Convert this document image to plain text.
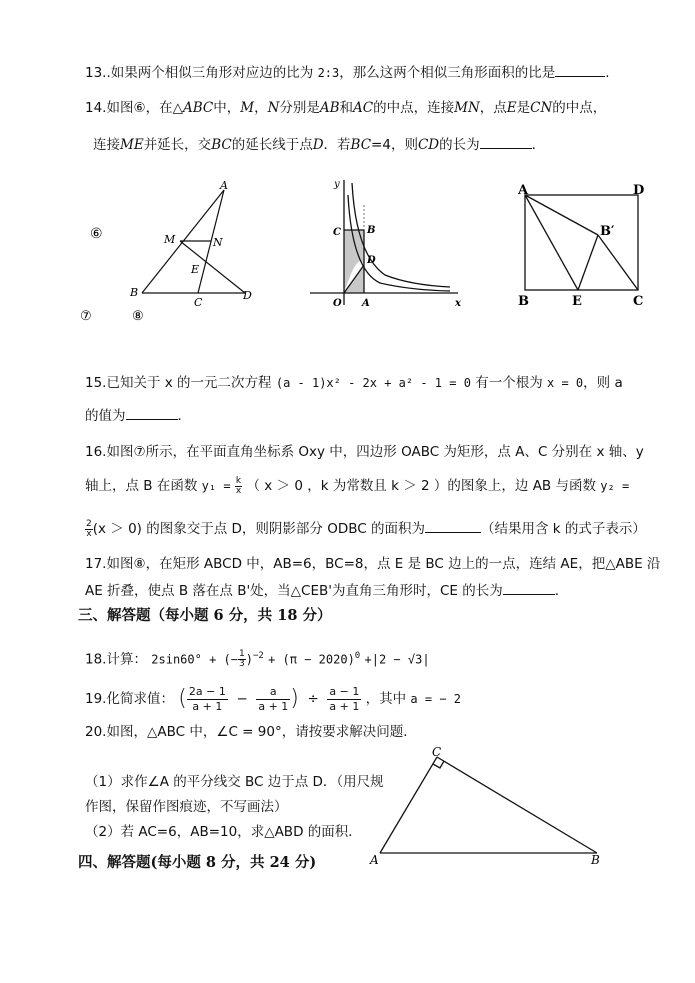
13..如果两个相似三角形对应边的比为 2:3，那么这两个相似三角形面积的比是	.
14.如图⑥，在△ABC中，M，N分别是AB和AC的中点，连接MN，点E是CN的中点，
连接ME并延长，交BC的延长线于点D．若BC=4，则CD的长为	．
⑥
A
B
C
D
M	N
E
⑦	⑧
y
x
C	B
D
O A
A	D
B	E	C
B′
15.已知关于 x 的一元二次方程 (a - 1)x² - 2x + a² - 1 = 0 有一个根为 x = 0，则 a
的值为	．
16.如图⑦所示，在平面直角坐标系 Oxy 中，四边形 OABC 为矩形，点 A、C 分别在 x 轴、y
轴上，点 B 在函数 $y_1 = \frac{k}{x}$ （ x ＞ 0 ，k 为常数且 k ＞ 2 ）的图象上，边 AB 与函数 y₂ =
$\frac{2}{x} (x > 0)$ 的图象交于点 D，则阴影部分 ODBC 的面积为	（结果用含 k 的式子表示）
17.如图⑧，在矩形 ABCD 中，AB=6，BC=8，点 E 是 BC 边上的一点，连结 AE，把△ABE 沿
AE 折叠，使点 B 落在点 B'处，当△CEB'为直角三角形时，CE 的长为	．
三、解答题（每小题 6 分，共 18 分）
18.计算： 2sin60° + (− $\frac{1}{3} )^{-2} + (\pi - 2020)^0 +|2 - √3|$
19.化简求值： ( $\frac{2a - 1}{a + 1} - \frac{a}{a + 1}$ ) ÷ $\frac{a - 1}{a + 1}$ ，其中 a = − 2
20.如图，△ABC 中，∠C = 90°，请按要求解决问题．
（1）求作∠A 的平分线交 BC 边于点 D．（用尺规
作图，保留作图痕迹，不写画法）
（2）若 AC=6，AB=10，求△ABD 的面积．
A	B
C
四、解答题(每小题 8 分，共 24 分)
